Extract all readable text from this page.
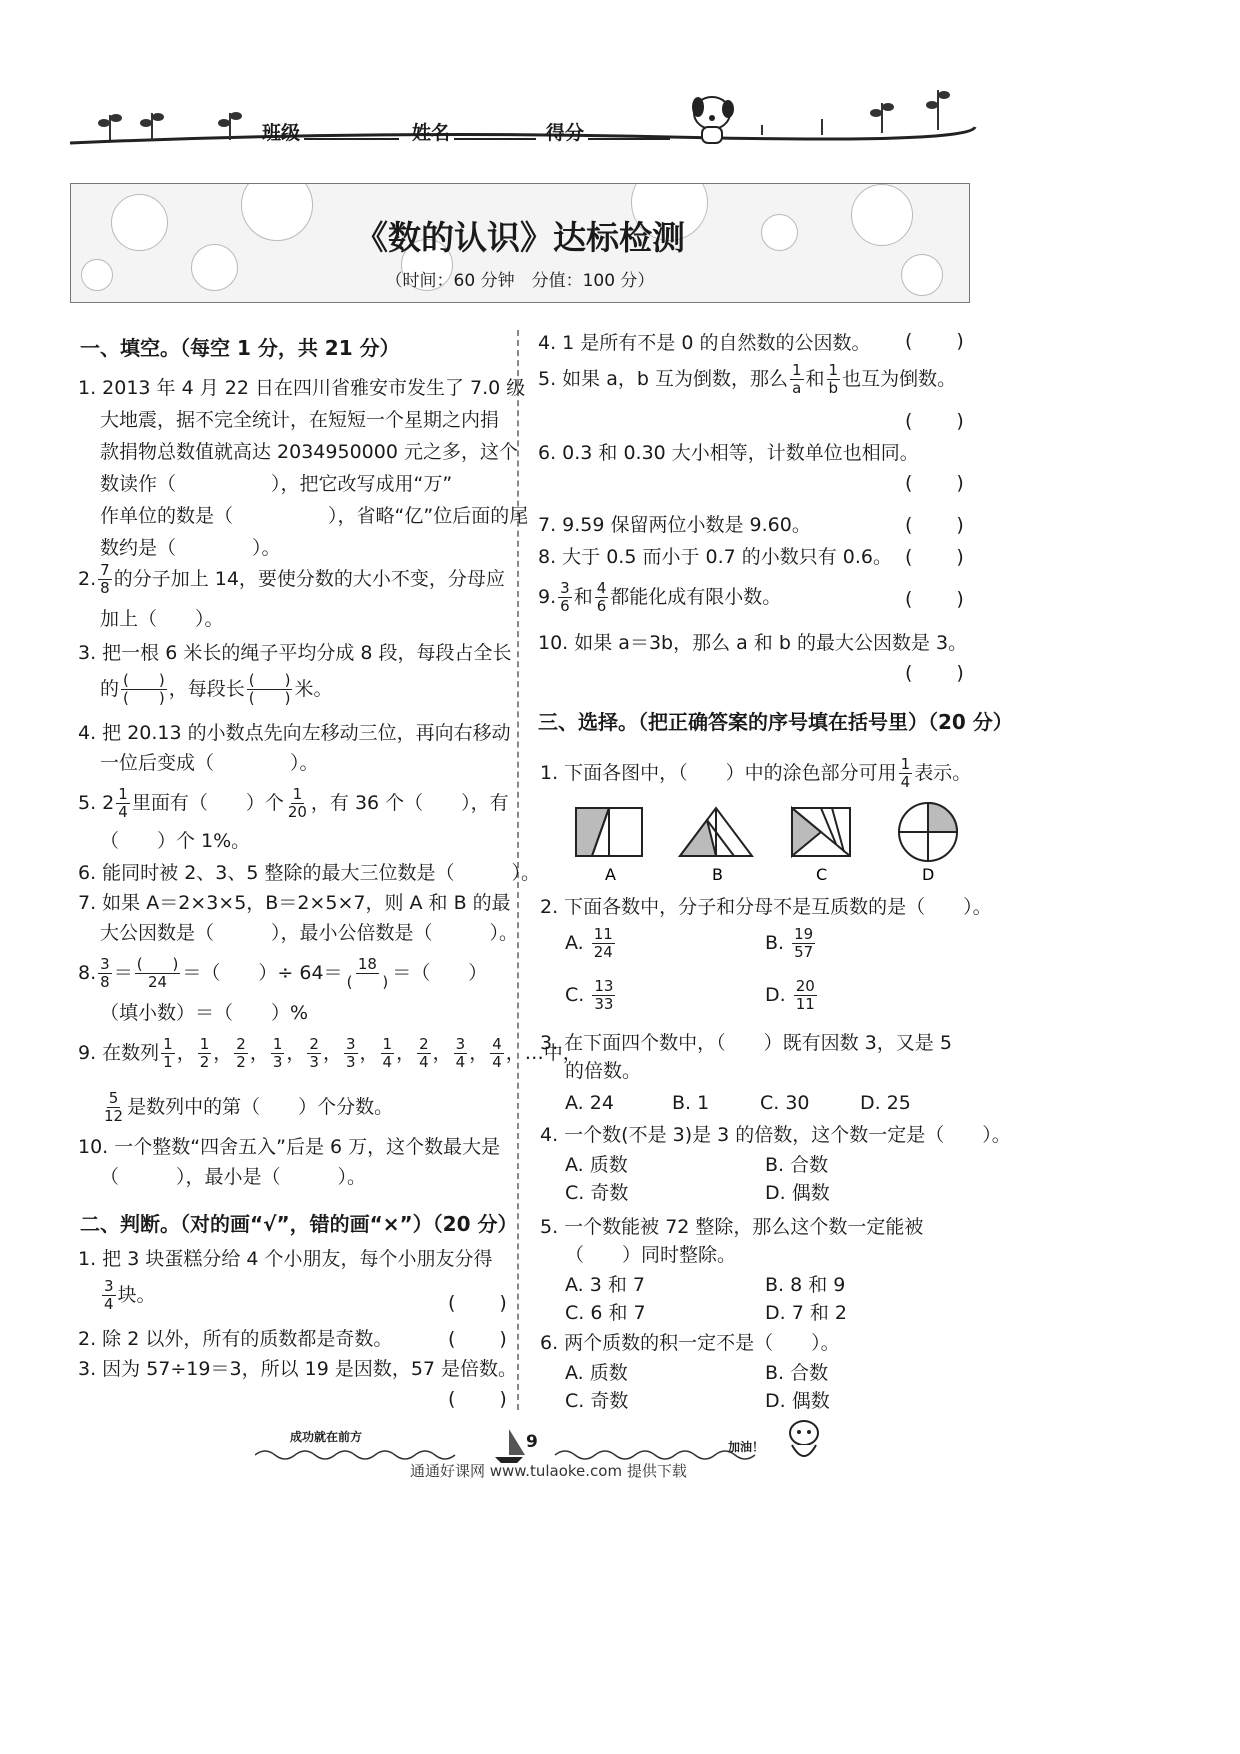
班级	姓名	得分
《数的认识》达标检测
（时间：60 分钟　分值：100 分）
一、填空。（每空 1 分，共 21 分）
1. 2013 年 4 月 22 日在四川省雅安市发生了 7.0 级
大地震，据不完全统计，在短短一个星期之内捐
款捐物总数值就高达 2034950000 元之多，这个
数读作（　　　　　），把它改写成用“万”
作单位的数是（　　　　　），省略“亿”位后面的尾
数约是（　　　　）。
2. $\frac{7}{8}$ 的分子加上 14，要使分数的大小不变，分母应
加上（　　）。
3. 把一根 6 米长的绳子平均分成 8 段，每段占全长
的 $\frac{( )}{( )}$ ，每段长 $\frac{( )}{( )}$ 米。
4. 把 20.13 的小数点先向左移动三位，再向右移动
一位后变成（　　　　）。
5. $2 \frac{1}{4}$ 里面有（　　）个 $\frac{1}{20}$ ，有 36 个（　　），有
（　　）个 1%。
6. 能同时被 2、3、5 整除的最大三位数是（　　　）。
7. 如果 A＝2×3×5，B＝2×5×7，则 A 和 B 的最
大公因数是（　　　），最小公倍数是（　　　）。
8. $\frac{3}{8} = \frac{( )}{24}$ ＝（　　）÷ $64= \frac{18}{( )}$ ＝（　　）
（填小数）＝（　　）%
9. 在数列 $\frac{1}{1}$ ， $\frac{1}{2}$ ， $\frac{2}{2}$ ， $\frac{1}{3}$ ， $\frac{2}{3}$ ， $\frac{3}{3}$ ， $\frac{1}{4}$ ， $\frac{2}{4}$ ， $\frac{3}{4}$ ， $\frac{4}{4}$ ，…中，
$\frac{5}{12}$ 是数列中的第（　　）个分数。
10. 一个整数“四舍五入”后是 6 万，这个数最大是
（　　　），最小是（　　　）。
二、判断。（对的画“√”，错的画“×”）（20 分）
1. 把 3 块蛋糕分给 4 个小朋友，每个小朋友分得
$\frac{3}{4}$ 块。	(　　)
2. 除 2 以外，所有的质数都是奇数。	(　　)
3. 因为 57÷19＝3，所以 19 是因数，57 是倍数。
(　　)
4. 1 是所有不是 0 的自然数的公因数。 (　　)
5. 如果 a，b 互为倒数，那么 $\frac{1}{a}$ 和 $\frac{1}{b}$ 也互为倒数。
(　　)
6. 0.3 和 0.30 大小相等，计数单位也相同。
(　　)
7. 9.59 保留两位小数是 9.60。	(　　)
8. 大于 0.5 而小于 0.7 的小数只有 0.6。 (　　)
9. $\frac{3}{6}$ 和 $\frac{4}{6}$ 都能化成有限小数。	(　　)
10. 如果 a＝3b，那么 a 和 b 的最大公因数是 3。
(　　)
三、选择。（把正确答案的序号填在括号里）（20 分）
1. 下面各图中，（　　）中的涂色部分可用 $\frac{1}{4}$ 表示。
A	B	C	D
2. 下面各数中，分子和分母不是互质数的是（　　）。
A. $\frac{11}{24}$	B. $\frac{19}{57}$
C. $\frac{13}{33}$	D. $\frac{20}{11}$
3. 在下面四个数中，（　　）既有因数 3，又是 5
的倍数。
A. 24	B. 1	C. 30	D. 25
4. 一个数(不是 3)是 3 的倍数，这个数一定是（　　）。
A. 质数	B. 合数
C. 奇数	D. 偶数
5. 一个数能被 72 整除，那么这个数一定能被
（　　）同时整除。
A. 3 和 7	B. 8 和 9
C. 6 和 7	D. 7 和 2
6. 两个质数的积一定不是（　　）。
A. 质数	B. 合数
C. 奇数	D. 偶数
成功就在前方	9	加油！
通通好课网 www.tulaoke.com 提供下载
